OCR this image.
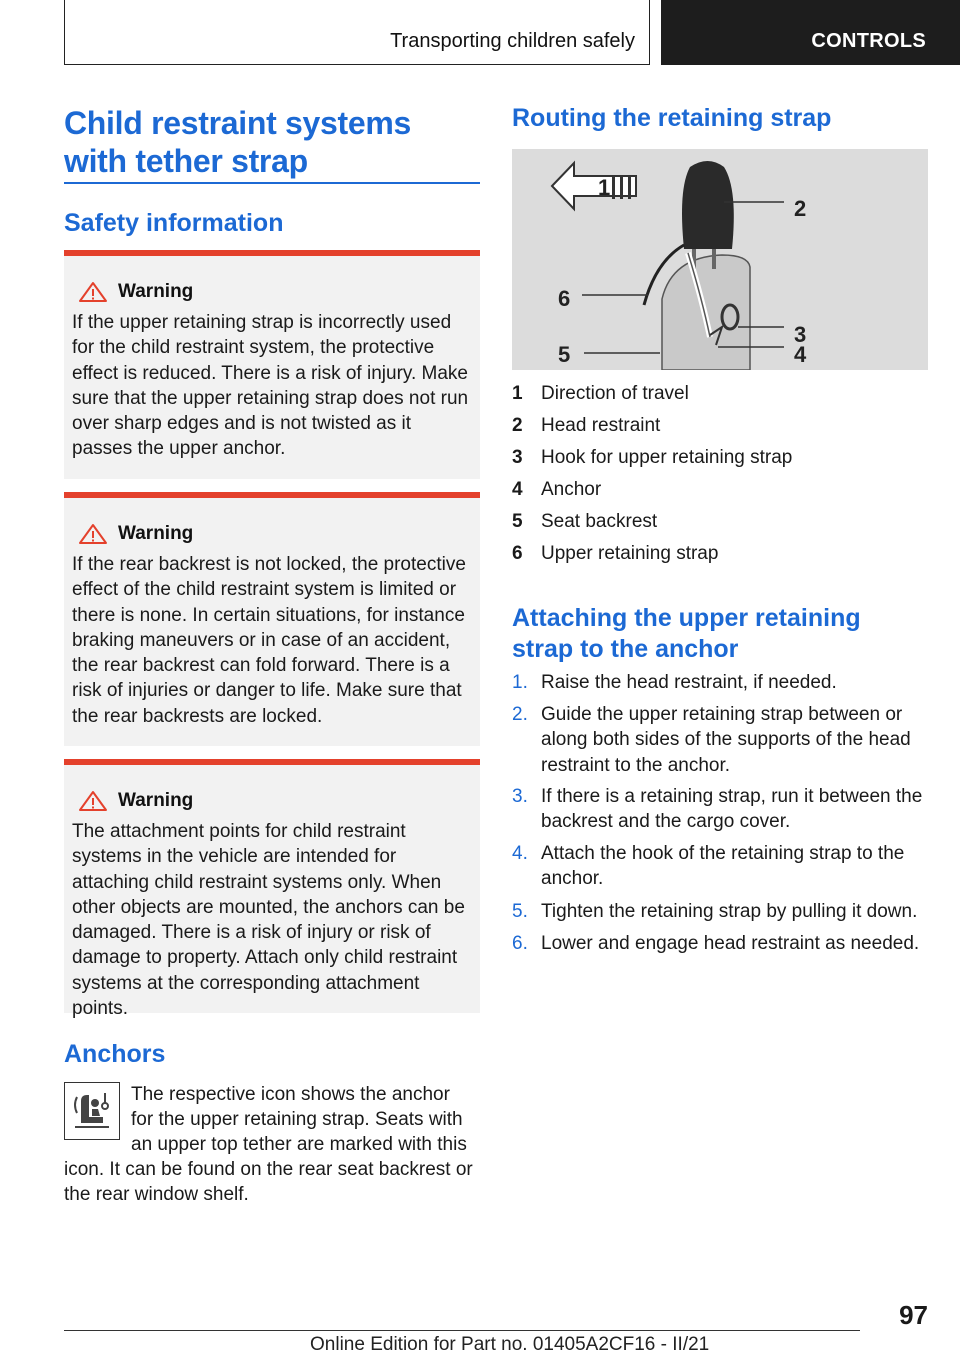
Transporting children safely	CONTROLS
Child restraint systems
with tether strap
Safety information
Warning
If the upper retaining strap is incorrectly used for the child restraint system, the protective effect is reduced. There is a risk of injury. Make sure that the upper retaining strap does not run over sharp edges and is not twisted as it passes the upper anchor.
Warning
If the rear backrest is not locked, the protective effect of the child restraint system is limited or there is none. In certain situations, for instance braking maneuvers or in case of an accident, the rear backrest can fold forward. There is a risk of injuries or danger to life. Make sure that the rear backrests are locked.
Warning
The attachment points for child restraint systems in the vehicle are intended for attaching child restraint systems only. When other objects are mounted, the anchors can be damaged. There is a risk of injury or risk of damage to property. Attach only child restraint systems at the corresponding attachment points.
Anchors
The respective icon shows the anchor
for the upper retaining strap. Seats with
an upper top tether are marked with this
icon. It can be found on the rear seat backrest or
the rear window shelf.
Routing the retaining strap
1
2
3
4
5
6
1 Direction of travel
2 Head restraint
3 Hook for upper retaining strap
4 Anchor
5 Seat backrest
6 Upper retaining strap
Attaching the upper retaining
strap to the anchor
1. Raise the head restraint, if needed.
2. Guide the upper retaining strap between or along both sides of the supports of the head restraint to the anchor.
3. If there is a retaining strap, run it between the backrest and the cargo cover.
4. Attach the hook of the retaining strap to the anchor.
5. Tighten the retaining strap by pulling it down.
6. Lower and engage head restraint as needed.
97
Online Edition for Part no. 01405A2CF16 - II/21
